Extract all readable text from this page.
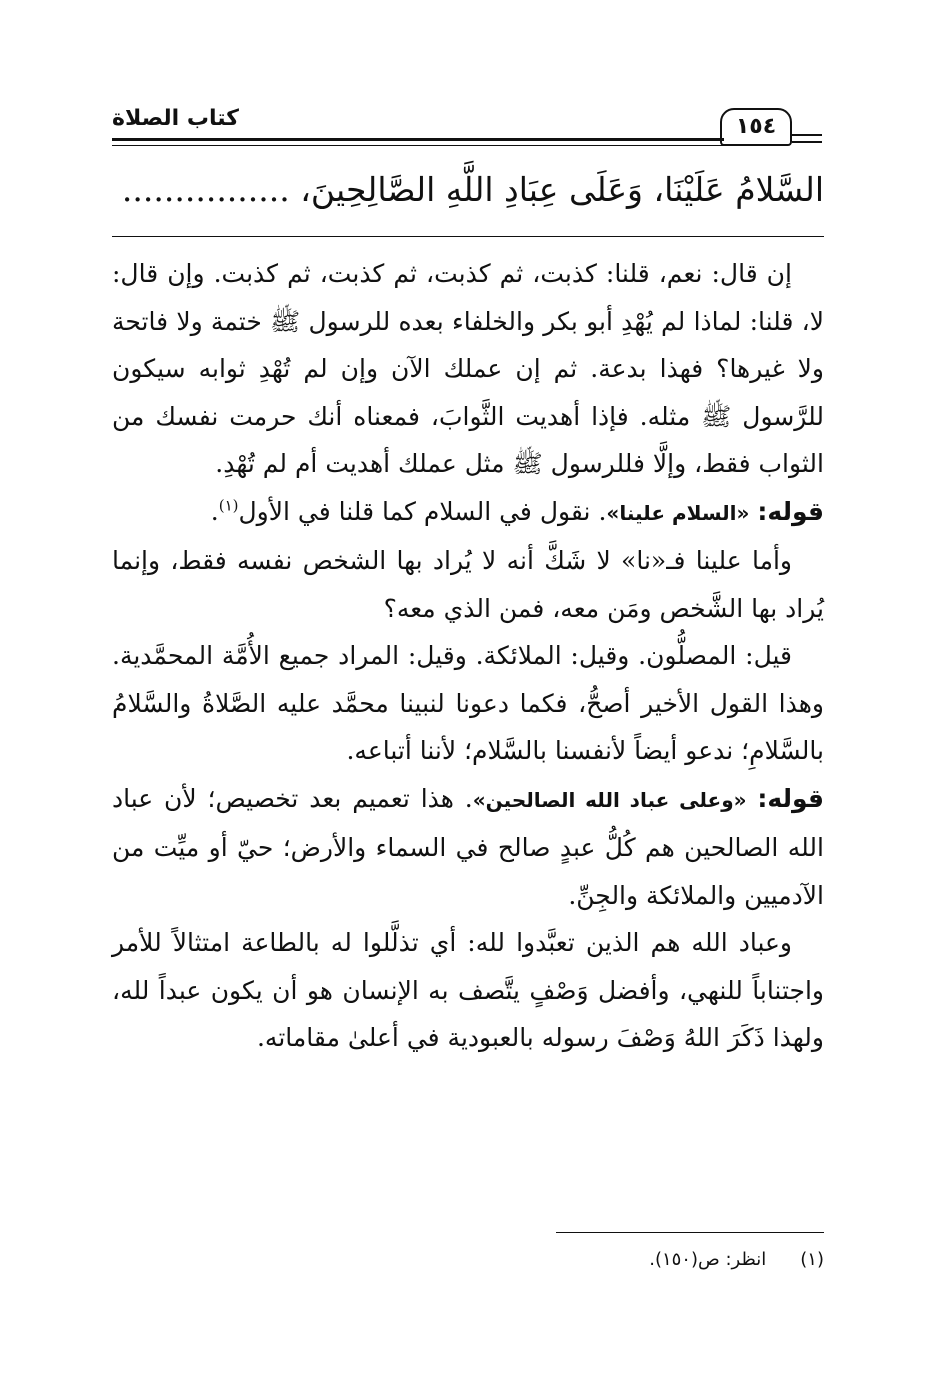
كتاب الصلاة	١٥٤
السَّلامُ عَلَيْنَا، وَعَلَى عِبَادِ اللَّهِ الصَّالِحِينَ، ................

إن قال: نعم، قلنا: كذبت، ثم كذبت، ثم كذبت، ثم كذبت. وإن قال: لا، قلنا: لماذا لم يُهْدِ أبو بكر والخلفاء بعده للرسول ﷺ ختمة ولا فاتحة ولا غيرها؟ فهذا بدعة. ثم إن عملك الآن وإن لم تُهْدِ ثوابه سيكون للرَّسول ﷺ مثله. فإذا أهديت الثَّوابَ، فمعناه أنك حرمت نفسك من الثواب فقط، وإلَّا فللرسول ﷺ مثل عملك أهديت أم لم تُهْدِ.

قوله: «السلام علينا». نقول في السلام كما قلنا في الأول$^{(١)}$.

وأما علينا فـ«نا» لا شَكَّ أنه لا يُراد بها الشخص نفسه فقط، وإنما يُراد بها الشَّخص ومَن معه، فمن الذي معه؟

قيل: المصلُّون. وقيل: الملائكة. وقيل: المراد جميع الأُمَّة المحمَّدية. وهذا القول الأخير أصحُّ، فكما دعونا لنبينا محمَّد عليه الصَّلاةُ والسَّلامُ بالسَّلامِ؛ ندعو أيضاً لأنفسنا بالسَّلام؛ لأننا أتباعه.

قوله: «وعلى عباد الله الصالحين». هذا تعميم بعد تخصيص؛ لأن عباد الله الصالحين هم كُلُّ عبدٍ صالح في السماء والأرض؛ حيّ أو ميِّت من الآدميين والملائكة والجِنِّ.

وعباد الله هم الذين تعبَّدوا لله: أي تذلَّلوا له بالطاعة امتثالاً للأمر واجتناباً للنهي، وأفضل وَصْفٍ يتَّصف به الإنسان هو أن يكون عبداً لله، ولهذا ذَكَرَ اللهُ وَصْفَ رسوله بالعبودية في أعلىٰ مقاماته.

(١)انظر: ص(١٥٠).
